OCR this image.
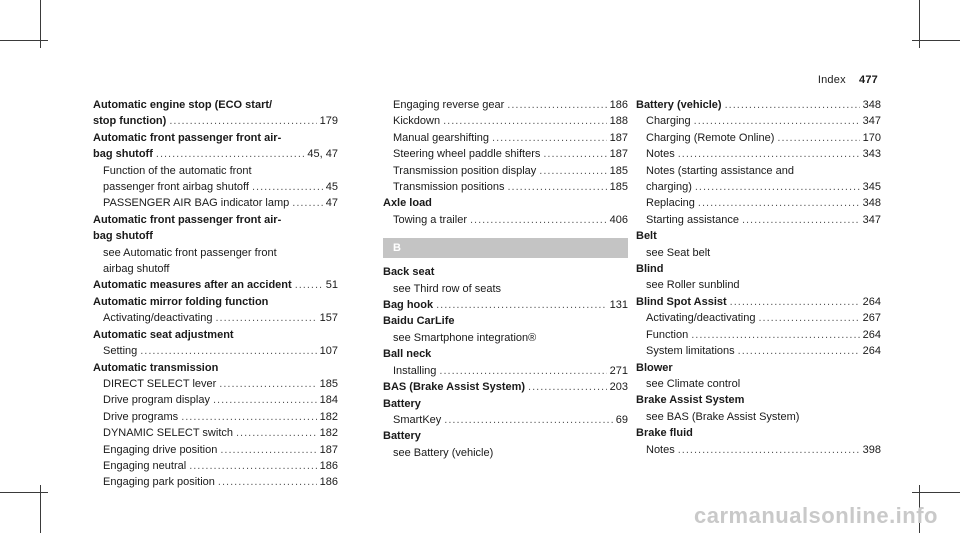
Index 477
Automatic engine stop (ECO start/
stop function) .....	179
Automatic front passenger front air-
bag shutoff .....	45, 47
Function of the automatic front
passenger front airbag shutoff .....	45
PASSENGER AIR BAG indicator lamp .....	47
Automatic front passenger front air-
bag shutoff
see Automatic front passenger front
airbag shutoff
Automatic measures after an accident .....	51
Automatic mirror folding function
Activating/deactivating .....	157
Automatic seat adjustment
Setting .....	107
Automatic transmission
DIRECT SELECT lever .....	185
Drive program display .....	184
Drive programs .....	182
DYNAMIC SELECT switch .....	182
Engaging drive position .....	187
Engaging neutral .....	186
Engaging park position .....	186
Engaging reverse gear .....	186
Kickdown .....	188
Manual gearshifting .....	187
Steering wheel paddle shifters .....	187
Transmission position display .....	185
Transmission positions .....	185
Axle load
Towing a trailer .....	406
B
Back seat
see Third row of seats
Bag hook .....	131
Baidu CarLife
see Smartphone integration®
Ball neck
Installing .....	271
BAS (Brake Assist System) .....	203
Battery
SmartKey .....	69
Battery
see Battery (vehicle)
Battery (vehicle) .....	348
Charging .....	347
Charging (Remote Online) .....	170
Notes .....	343
Notes (starting assistance and
charging) .....	345
Replacing .....	348
Starting assistance .....	347
Belt
see Seat belt
Blind
see Roller sunblind
Blind Spot Assist .....	264
Activating/deactivating .....	267
Function .....	264
System limitations .....	264
Blower
see Climate control
Brake Assist System
see BAS (Brake Assist System)
Brake fluid
Notes .....	398
carmanualsonline.info
